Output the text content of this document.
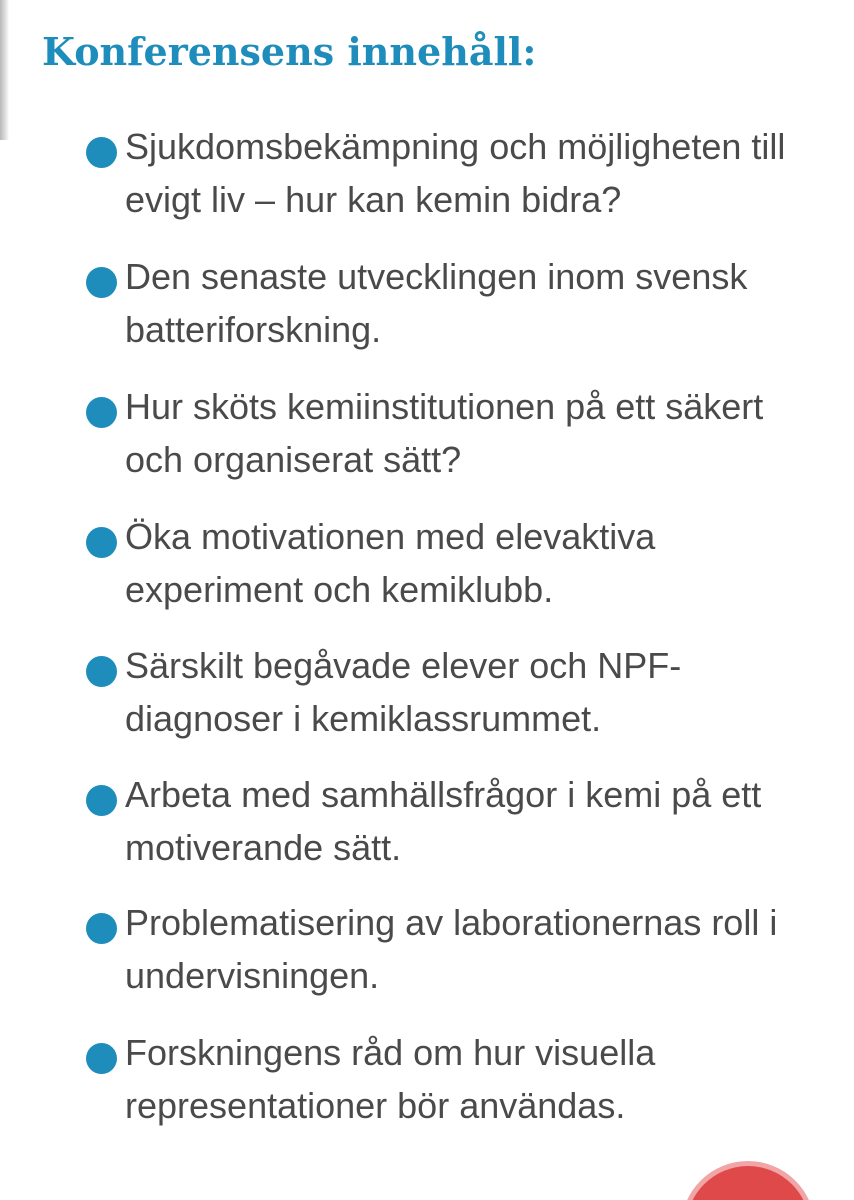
Konferensens innehåll:
Sjukdomsbekämpning och möjligheten till
evigt liv – hur kan kemin bidra?
Den senaste utvecklingen inom svensk
batteriforskning.
Hur sköts kemiinstitutionen på ett säkert
och organiserat sätt?
Öka motivationen med elevaktiva
experiment och kemiklubb.
Särskilt begåvade elever och NPF-
diagnoser i kemiklassrummet.
Arbeta med samhällsfrågor i kemi på ett
motiverande sätt.
Problematisering av laborationernas roll i
undervisningen.
Forskningens råd om hur visuella
representationer bör användas.
